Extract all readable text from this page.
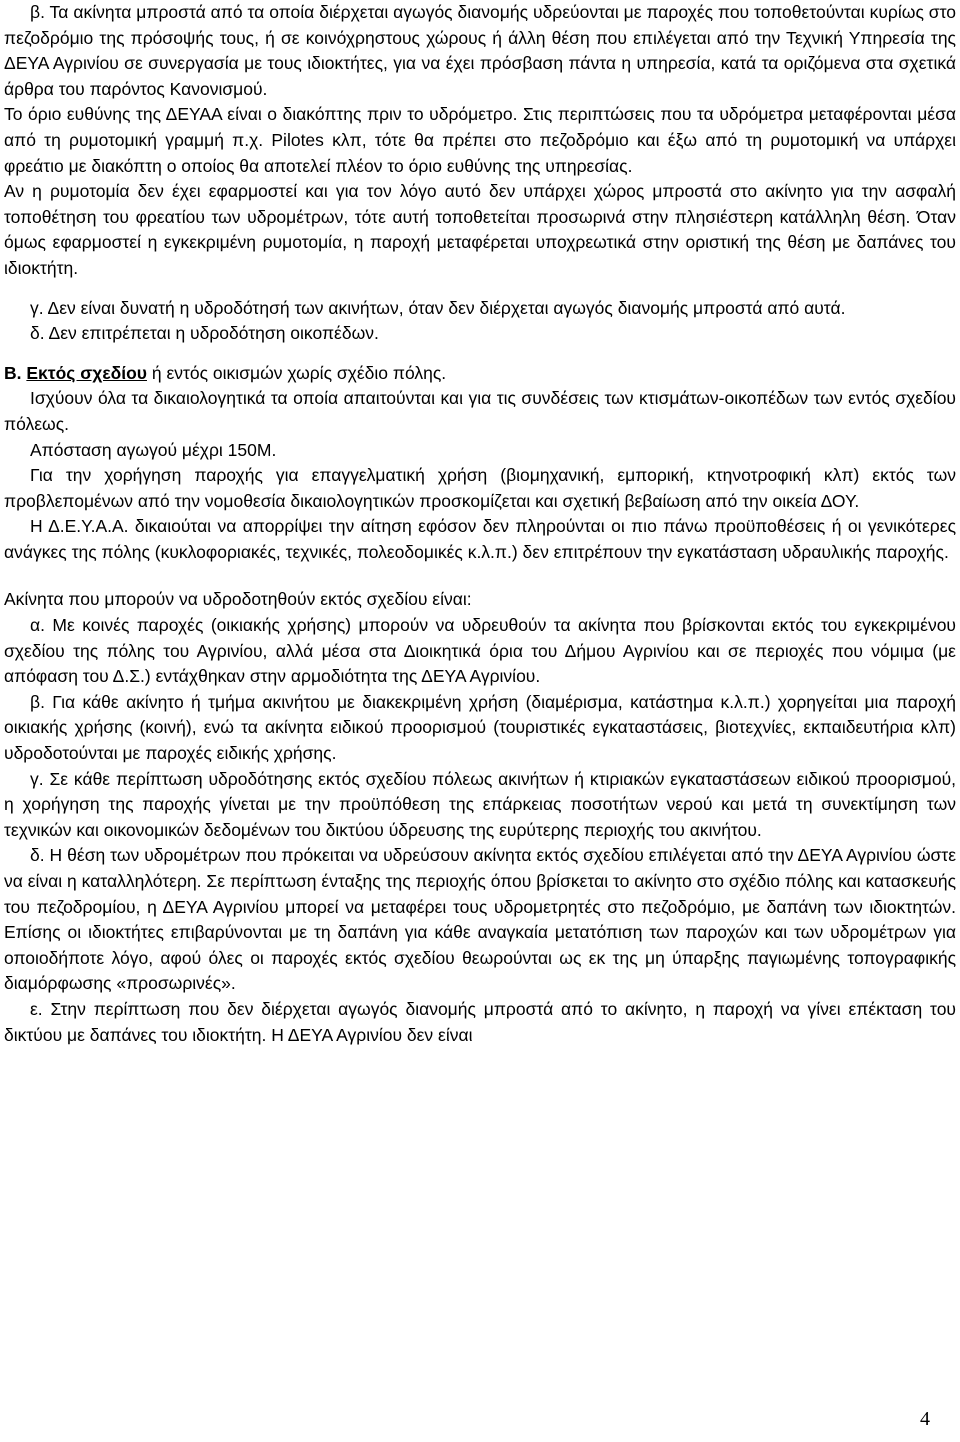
β. Τα ακίνητα μπροστά από τα οποία διέρχεται αγωγός διανομής υδρεύονται με παροχές που τοποθετούνται κυρίως στο πεζοδρόμιο της πρόσοψής τους, ή σε κοινόχρηστους χώρους ή άλλη θέση που επιλέγεται από την Τεχνική Υπηρεσία της ΔΕΥΑ Αγρινίου σε συνεργασία με τους ιδιοκτήτες, για να έχει πρόσβαση πάντα η υπηρεσία, κατά τα οριζόμενα στα σχετικά άρθρα του παρόντος Κανονισμού.

Το όριο ευθύνης της ΔΕΥΑΑ είναι ο διακόπτης πριν το υδρόμετρο. Στις περιπτώσεις που τα υδρόμετρα μεταφέρονται μέσα από τη ρυμοτομική γραμμή π.χ. Pilotes κλπ, τότε θα πρέπει στο πεζοδρόμιο και έξω από τη ρυμοτομική να υπάρχει φρεάτιο με διακόπτη ο οποίος θα αποτελεί πλέον το όριο ευθύνης της υπηρεσίας.

Αν η ρυμοτομία δεν έχει εφαρμοστεί και για τον λόγο αυτό δεν υπάρχει χώρος μπροστά στο ακίνητο για την ασφαλή τοποθέτηση του φρεατίου των υδρομέτρων, τότε αυτή τοποθετείται προσωρινά στην πλησιέστερη κατάλληλη θέση. Όταν όμως εφαρμοστεί η εγκεκριμένη ρυμοτομία, η παροχή μεταφέρεται υποχρεωτικά στην οριστική της θέση με δαπάνες του ιδιοκτήτη.

γ. Δεν είναι δυνατή η υδροδότησή των ακινήτων, όταν δεν διέρχεται αγωγός διανομής μπροστά από αυτά.

δ. Δεν επιτρέπεται η υδροδότηση οικοπέδων.

Β. Εκτός σχεδίου ή εντός οικισμών χωρίς σχέδιο πόλης.

Ισχύουν όλα τα δικαιολογητικά τα οποία απαιτούνται και για τις συνδέσεις των κτισμάτων-οικοπέδων των εντός σχεδίου πόλεως.

Απόσταση αγωγού μέχρι 150Μ.

Για την χορήγηση παροχής για επαγγελματική χρήση (βιομηχανική, εμπορική, κτηνοτροφική κλπ) εκτός των προβλεπομένων από την νομοθεσία δικαιολογητικών προσκομίζεται και σχετική βεβαίωση από την οικεία ΔΟΥ.

Η Δ.Ε.Υ.Α.Α. δικαιούται να απορρίψει την αίτηση εφόσον δεν πληρούνται οι πιο πάνω προϋποθέσεις ή οι γενικότερες ανάγκες της πόλης (κυκλοφοριακές, τεχνικές, πολεοδομικές κ.λ.π.) δεν επιτρέπουν την εγκατάσταση υδραυλικής παροχής.

Ακίνητα που μπορούν να υδροδοτηθούν εκτός σχεδίου είναι:

α. Με κοινές παροχές (οικιακής χρήσης) μπορούν να υδρευθούν τα ακίνητα που βρίσκονται εκτός του εγκεκριμένου σχεδίου της πόλης του Αγρινίου, αλλά μέσα στα Διοικητικά όρια του Δήμου Αγρινίου και σε περιοχές που νόμιμα (με απόφαση του Δ.Σ.) εντάχθηκαν στην αρμοδιότητα της ΔΕΥΑ Αγρινίου.

β. Για κάθε ακίνητο ή τμήμα ακινήτου με διακεκριμένη χρήση (διαμέρισμα, κατάστημα κ.λ.π.) χορηγείται μια παροχή οικιακής χρήσης (κοινή), ενώ τα ακίνητα ειδικού προορισμού (τουριστικές εγκαταστάσεις, βιοτεχνίες, εκπαιδευτήρια κλπ) υδροδοτούνται με παροχές ειδικής χρήσης.

γ. Σε κάθε περίπτωση υδροδότησης εκτός σχεδίου πόλεως ακινήτων ή κτιριακών εγκαταστάσεων ειδικού προορισμού, η χορήγηση της παροχής γίνεται με την προϋπόθεση της επάρκειας ποσοτήτων νερού και μετά τη συνεκτίμηση των τεχνικών και οικονομικών δεδομένων του δικτύου ύδρευσης της ευρύτερης περιοχής του ακινήτου.

δ. Η θέση των υδρομέτρων που πρόκειται να υδρεύσουν ακίνητα εκτός σχεδίου επιλέγεται από την ΔΕΥΑ Αγρινίου ώστε να είναι η καταλληλότερη. Σε περίπτωση ένταξης της περιοχής όπου βρίσκεται το ακίνητο στο σχέδιο πόλης και κατασκευής του πεζοδρομίου, η ΔΕΥΑ Αγρινίου μπορεί να μεταφέρει τους υδρομετρητές στο πεζοδρόμιο, με δαπάνη των ιδιοκτητών. Επίσης οι ιδιοκτήτες επιβαρύνονται με τη δαπάνη για κάθε αναγκαία μετατόπιση των παροχών και των υδρομέτρων για οποιοδήποτε λόγο, αφού όλες οι παροχές εκτός σχεδίου θεωρούνται ως εκ της μη ύπαρξης παγιωμένης τοπογραφικής διαμόρφωσης «προσωρινές».

ε. Στην περίπτωση που δεν διέρχεται αγωγός διανομής μπροστά από το ακίνητο, η παροχή να γίνει επέκταση του δικτύου με δαπάνες του ιδιοκτήτη. Η ΔΕΥΑ Αγρινίου δεν είναι

4
